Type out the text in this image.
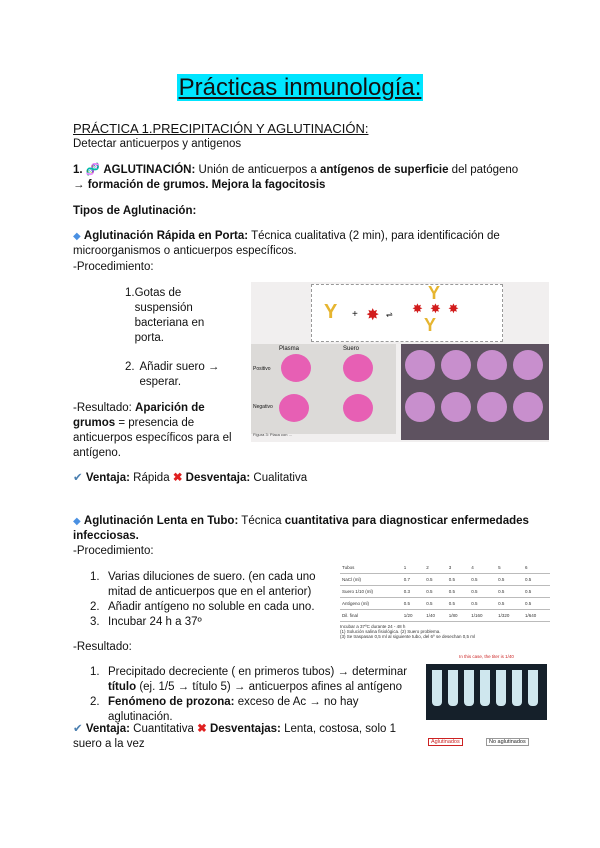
Prácticas inmunología:
PRÁCTICA 1.PRECIPITACIÓN Y AGLUTINACIÓN:
Detectar anticuerpos y antigenos
1. 🧬 AGLUTINACIÓN: Unión de anticuerpos a antígenos de superficie del patógeno → formación de grumos. Mejora la fagocitosis
Tipos de Aglutinación:
◆ Aglutinación Rápida en Porta: Técnica cualitativa (2 min), para identificación de microorganismos o anticuerpos específicos.
-Procedimiento:
1. Gotas de suspensión bacteriana en porta.
2. Añadir suero → esperar.
-Resultado: Aparición de grumos = presencia de anticuerpos específicos para el antígeno.
✔ Ventaja: Rápida ✖ Desventaja: Cualitativa
Y + ✸ ⇌
Y
✸ ✸ ✸
Y
Plasma	Suero
Positivo
Negativo
Figura 3: Placa con ...
◆ Aglutinación Lenta en Tubo: Técnica cuantitativa para diagnosticar enfermedades infecciosas.
-Procedimiento:
1. Varias diluciones de suero. (en cada uno mitad de anticuerpos que en el anterior)
2. Añadir antígeno no soluble en cada uno.
3. Incubar 24 h a 37º
-Resultado:
1. Precipitado decreciente ( en primeros tubos) → determinar título (ej. 1/5 → título 5) → anticuerpos afines al antígeno
2. Fenómeno de prozona: exceso de Ac → no hay aglutinación.
✔ Ventaja: Cuantitativa ✖ Desventajas: Lenta, costosa, solo 1 suero a la vez
Tubos	1	2	3	4	5	6
NaCl (ml)	0.7	0.5	0.5	0.5	0.5	0.5
Suero 1/10 (ml)	0.3	0.5	0.5	0.5	0.5	0.5
Antígeno (ml)	0.5	0.5	0.5	0.5	0.5	0.5
Dil. final	1/20	1/40	1/80	1/160	1/320	1/640
Incubar a 37ºC durante 24 - 48 h
(1) Solución salina fisiológica. (2) Suero problema.
(3) Se traspasan 0,5 ml al siguiente tubo, del 6º se desechan 0,5 ml
In this case, the titer is 1/40
Aglutinados	No aglutinados
